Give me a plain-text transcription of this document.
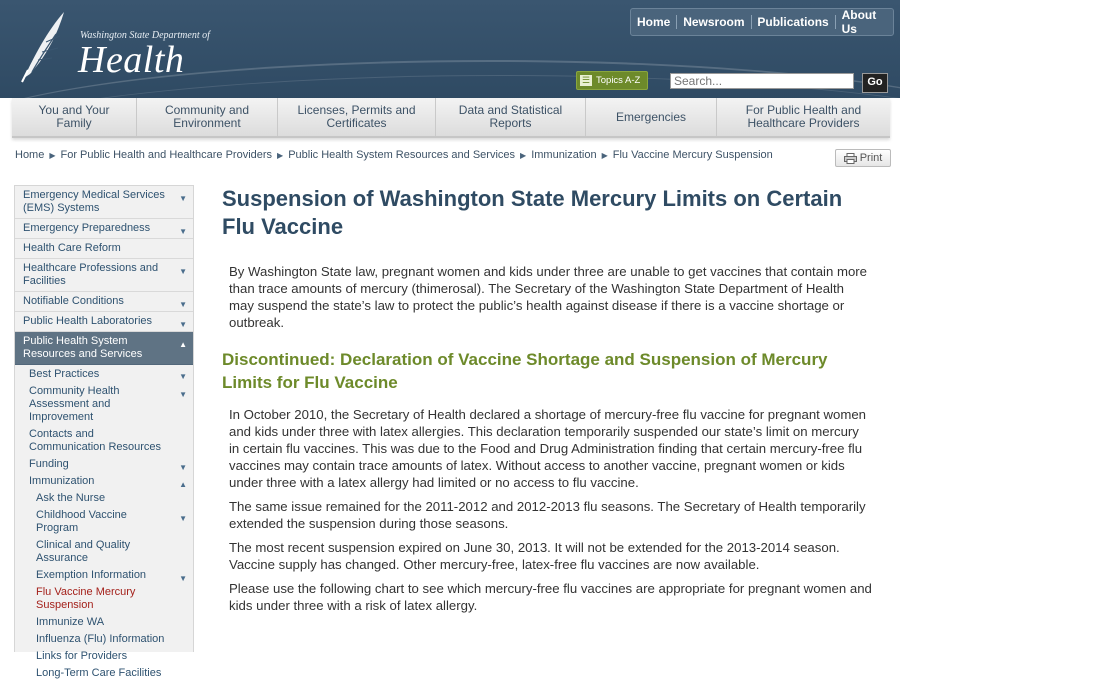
Washington State Department of
Health
Home	Newsroom	Publications	About Us
☰ Topics A-Z
Search...	Go
You and Your
Family
Community and
Environment
Licenses, Permits and
Certificates
Data and Statistical
Reports	Emergencies	For Public Health and
Healthcare Providers
Home ▶ For Public Health and Healthcare Providers ▶ Public Health System Resources and Services ▶ Immunization ▶ Flu Vaccine Mercury Suspension	Print
Emergency Medical Services (EMS) Systems
▼
Emergency Preparedness	▼
Health Care Reform
Healthcare Professions and Facilities
▼
Notifiable Conditions	▼
Public Health Laboratories	▼
Public Health System Resources and Services
▲
Best Practices	▼
Community Health Assessment and Improvement
▼
Contacts and Communication Resources
Funding	▼
Immunization	▲
Ask the Nurse
Childhood Vaccine Program
▼
Clinical and Quality Assurance
Exemption Information	▼
Flu Vaccine Mercury Suspension
Immunize WA
Influenza (Flu) Information
Links for Providers
Long-Term Care Facilities
Suspension of Washington State Mercury Limits on Certain Flu Vaccine

By Washington State law, pregnant women and kids under three are unable to get vaccines that contain more than trace amounts of mercury (thimerosal). The Secretary of the Washington State Department of Health may suspend the state’s law to protect the public’s health against disease if there is a vaccine shortage or outbreak.

Discontinued: Declaration of Vaccine Shortage and Suspension of Mercury Limits for Flu Vaccine

In October 2010, the Secretary of Health declared a shortage of mercury-free flu vaccine for pregnant women and kids under three with latex allergies. This declaration temporarily suspended our state’s limit on mercury in certain flu vaccines. This was due to the Food and Drug Administration finding that certain mercury-free flu vaccines may contain trace amounts of latex. Without access to another vaccine, pregnant women or kids under three with a latex allergy had limited or no access to flu vaccine.

The same issue remained for the 2011-2012 and 2012-2013 flu seasons. The Secretary of Health temporarily extended the suspension during those seasons.

The most recent suspension expired on June 30, 2013. It will not be extended for the 2013-2014 season. Vaccine supply has changed. Other mercury-free, latex-free flu vaccines are now available.

Please use the following chart to see which mercury-free flu vaccines are appropriate for pregnant women and kids under three with a risk of latex allergy.
